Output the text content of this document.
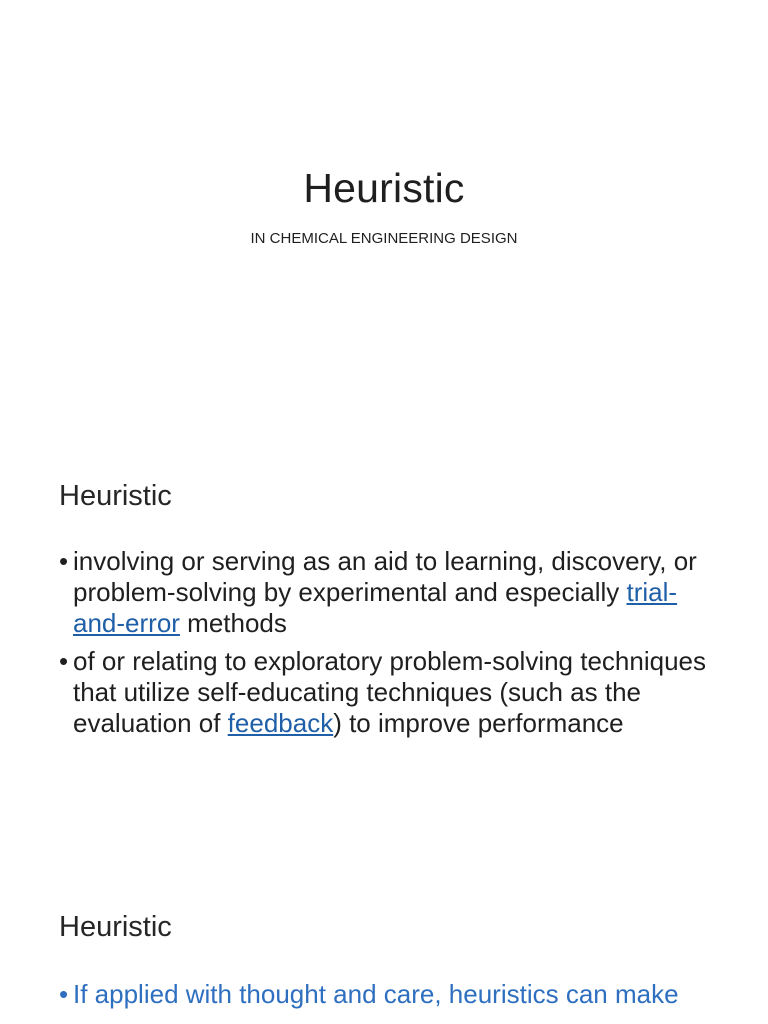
Heuristic
IN CHEMICAL ENGINEERING DESIGN
Heuristic
• involving or serving as an aid to learning, discovery, or problem-solving by experimental and especially trial-and-error methods
• of or relating to exploratory problem-solving techniques that utilize self-educating techniques (such as the evaluation of feedback) to improve performance
Heuristic
• If applied with thought and care, heuristics can make
